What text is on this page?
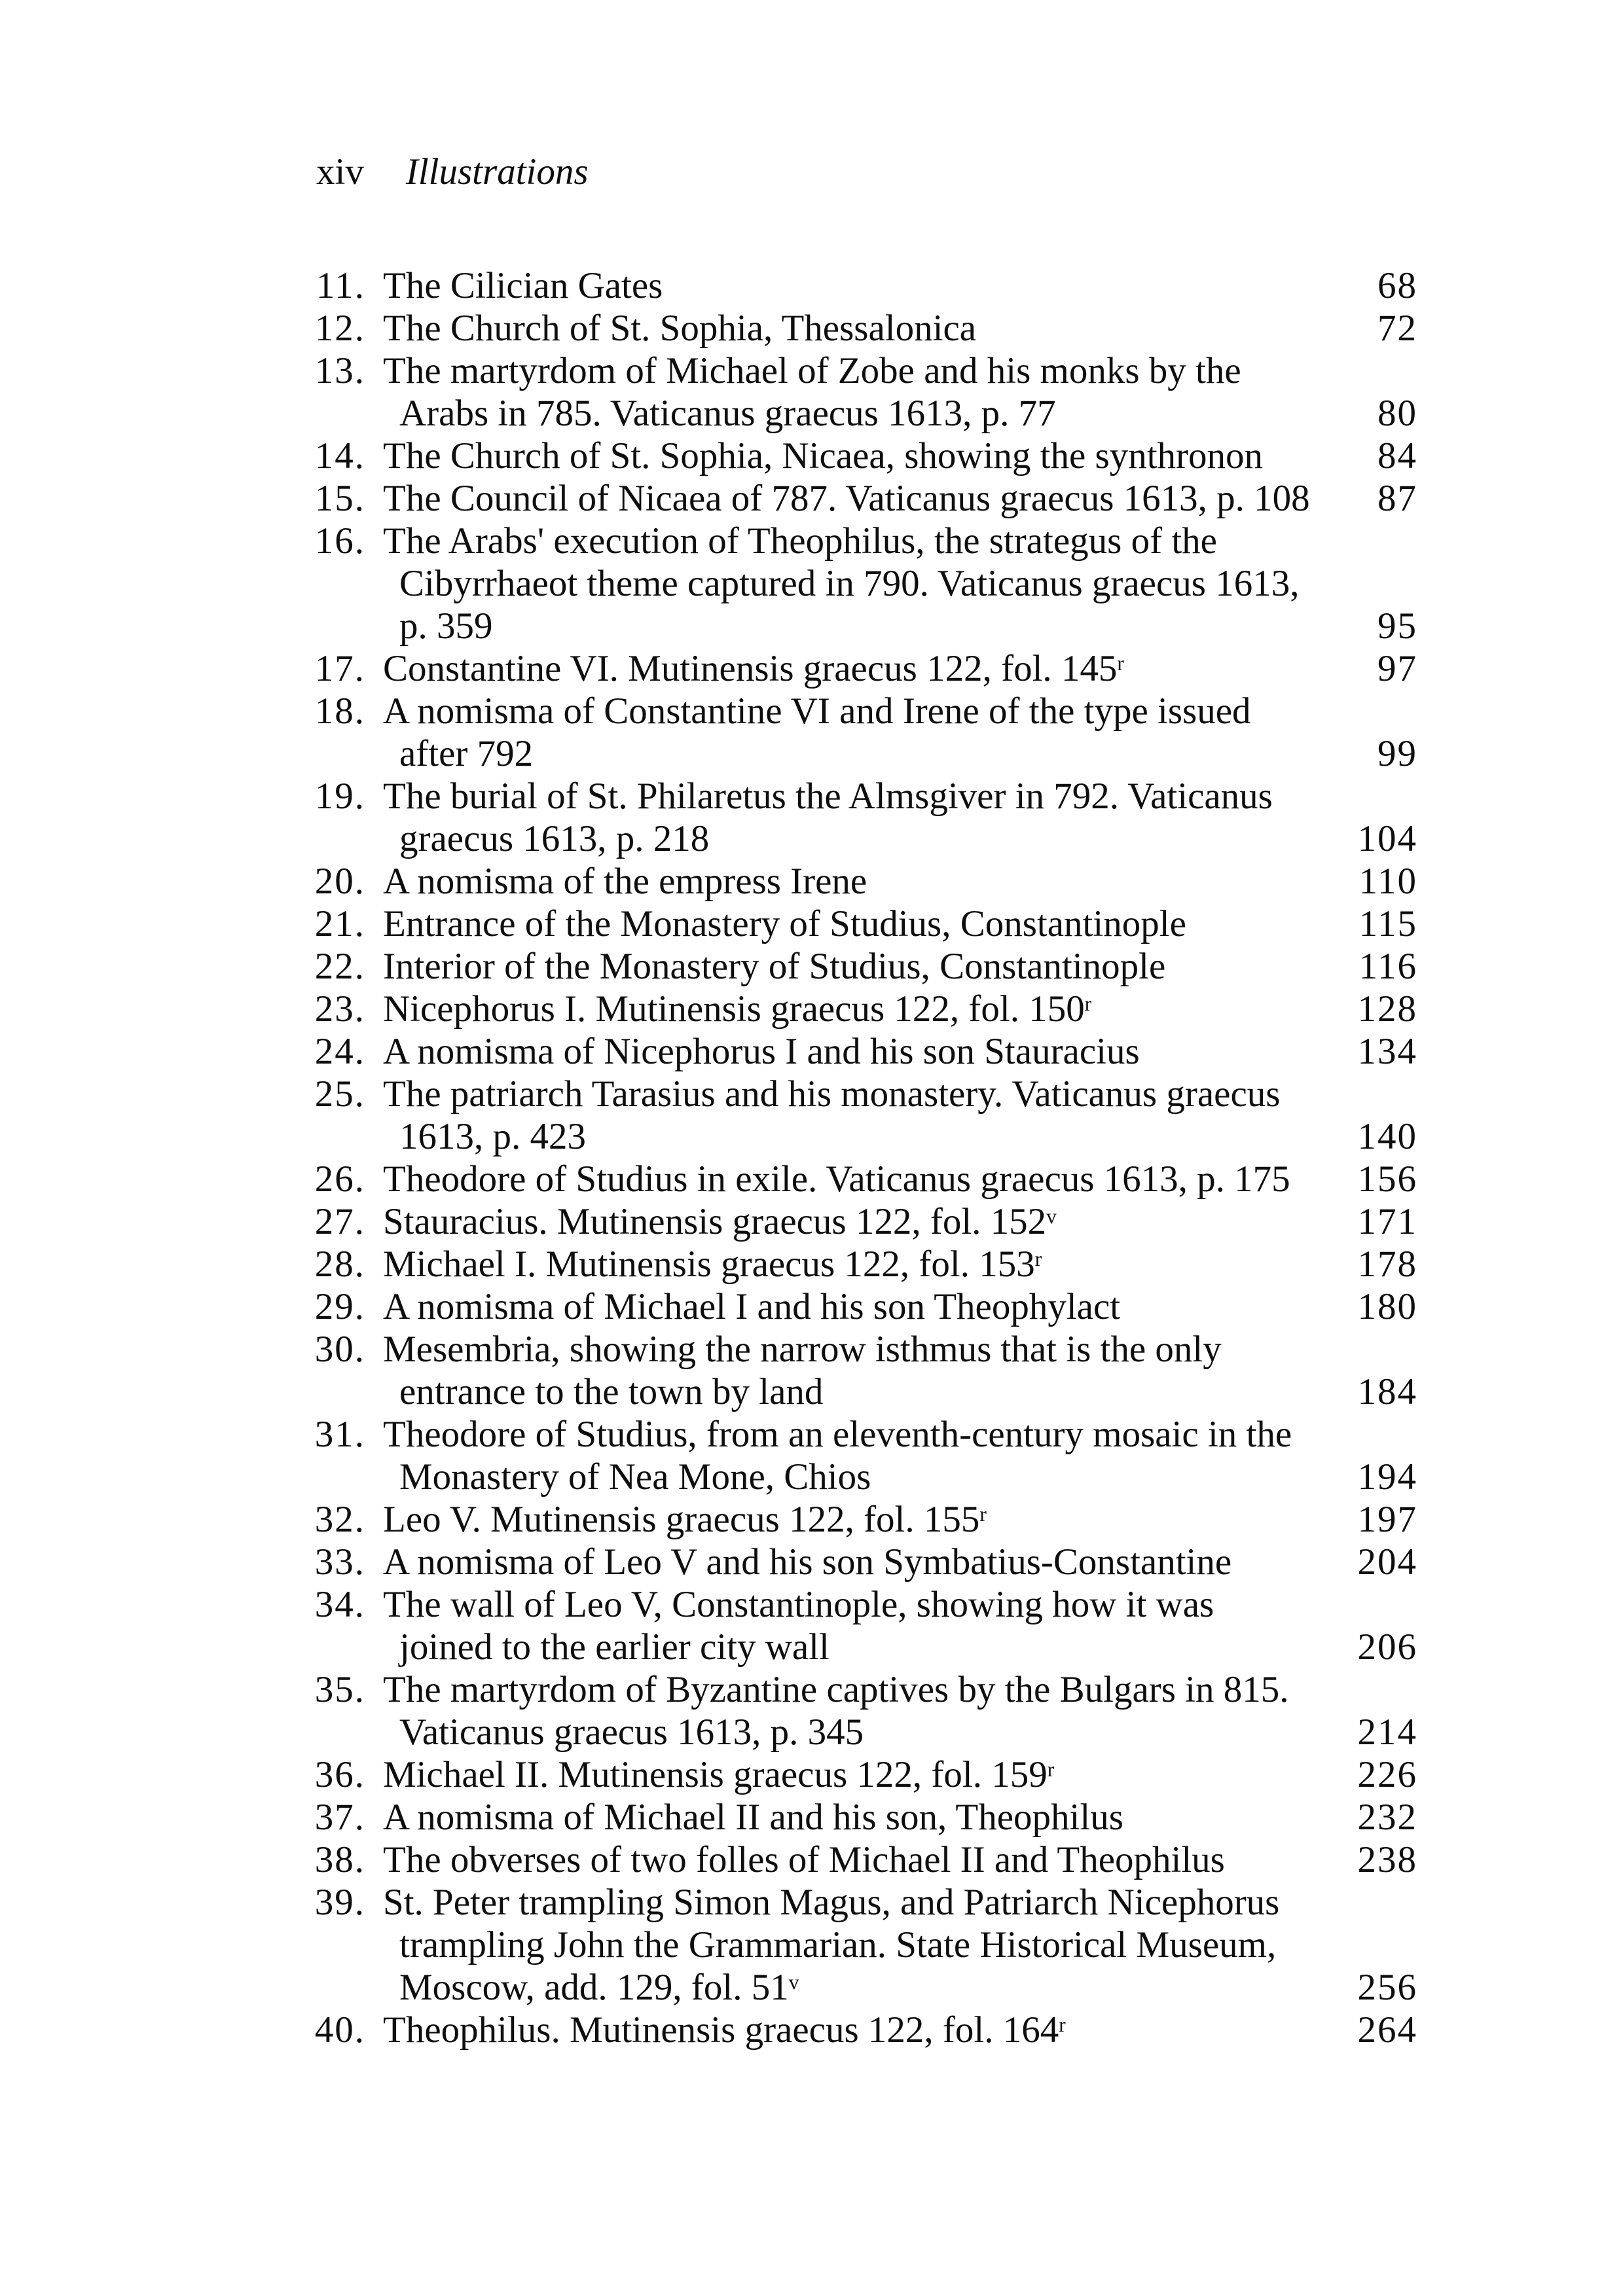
xiv Illustrations
11. The Cilician Gates	68
12. The Church of St. Sophia, Thessalonica	72
13. The martyrdom of Michael of Zobe and his monks by the
Arabs in 785. Vaticanus graecus 1613, p. 77	80
14. The Church of St. Sophia, Nicaea, showing the synthronon	84
15. The Council of Nicaea of 787. Vaticanus graecus 1613, p. 108	87
16. The Arabs' execution of Theophilus, the strategus of the
Cibyrrhaeot theme captured in 790. Vaticanus graecus 1613,
p. 359	95
17. Constantine VI. Mutinensis graecus 122, fol. 145$^r$	97
18. A nomisma of Constantine VI and Irene of the type issued
after 792	99
19. The burial of St. Philaretus the Almsgiver in 792. Vaticanus
graecus 1613, p. 218	104
20. A nomisma of the empress Irene	110
21. Entrance of the Monastery of Studius, Constantinople	115
22. Interior of the Monastery of Studius, Constantinople	116
23. Nicephorus I. Mutinensis graecus 122, fol. 150$^r$	128
24. A nomisma of Nicephorus I and his son Stauracius	134
25. The patriarch Tarasius and his monastery. Vaticanus graecus
1613, p. 423	140
26. Theodore of Studius in exile. Vaticanus graecus 1613, p. 175	156
27. Stauracius. Mutinensis graecus 122, fol. 152$^v$	171
28. Michael I. Mutinensis graecus 122, fol. 153$^r$	178
29. A nomisma of Michael I and his son Theophylact	180
30. Mesembria, showing the narrow isthmus that is the only
entrance to the town by land	184
31. Theodore of Studius, from an eleventh-century mosaic in the
Monastery of Nea Mone, Chios	194
32. Leo V. Mutinensis graecus 122, fol. 155$^r$	197
33. A nomisma of Leo V and his son Symbatius-Constantine	204
34. The wall of Leo V, Constantinople, showing how it was
joined to the earlier city wall	206
35. The martyrdom of Byzantine captives by the Bulgars in 815.
Vaticanus graecus 1613, p. 345	214
36. Michael II. Mutinensis graecus 122, fol. 159$^r$	226
37. A nomisma of Michael II and his son, Theophilus	232
38. The obverses of two folles of Michael II and Theophilus	238
39. St. Peter trampling Simon Magus, and Patriarch Nicephorus
trampling John the Grammarian. State Historical Museum,
Moscow, add. 129, fol. 51$^v$	256
40. Theophilus. Mutinensis graecus 122, fol. 164$^r$	264
